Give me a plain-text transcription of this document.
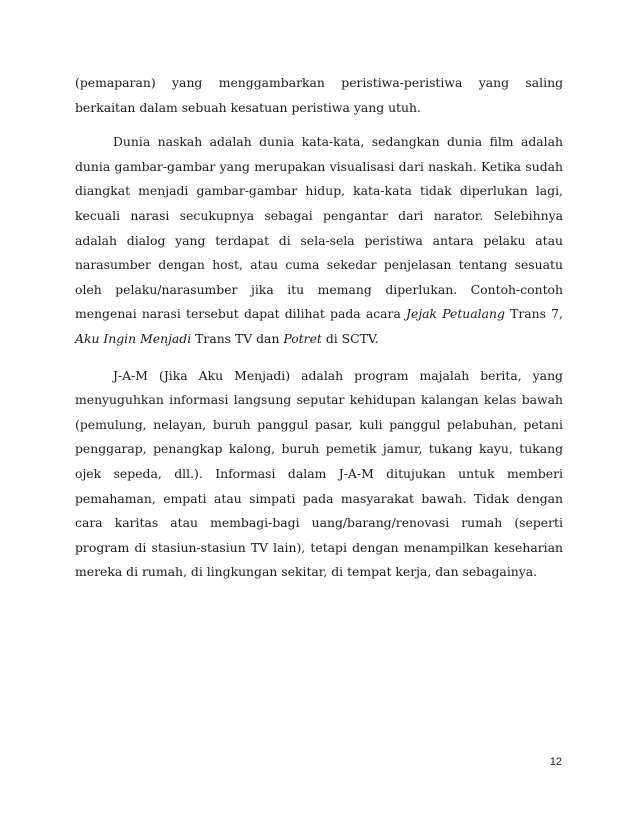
(pemaparan) yang menggambarkan peristiwa-peristiwa yang saling berkaitan dalam sebuah kesatuan peristiwa yang utuh.

Dunia naskah adalah dunia kata-kata, sedangkan dunia film adalah dunia gambar-gambar yang merupakan visualisasi dari naskah. Ketika sudah diangkat menjadi gambar-gambar hidup, kata-kata tidak diperlukan lagi, kecuali narasi secukupnya sebagai pengantar dari narator. Selebihnya adalah dialog yang terdapat di sela-sela peristiwa antara pelaku atau narasumber dengan host, atau cuma sekedar penjelasan tentang sesuatu oleh pelaku/narasumber jika itu memang diperlukan. Contoh-contoh mengenai narasi tersebut dapat dilihat pada acara Jejak Petualang Trans 7, Aku Ingin Menjadi Trans TV dan Potret di SCTV.

J-A-M (Jika Aku Menjadi) adalah program majalah berita, yang menyuguhkan informasi langsung seputar kehidupan kalangan kelas bawah (pemulung, nelayan, buruh panggul pasar, kuli panggul pelabuhan, petani penggarap, penangkap kalong, buruh pemetik jamur, tukang kayu, tukang ojek sepeda, dll.). Informasi dalam J-A-M ditujukan untuk memberi pemahaman, empati atau simpati pada masyarakat bawah. Tidak dengan cara karitas atau membagi-bagi uang/barang/renovasi rumah (seperti program di stasiun-stasiun TV lain), tetapi dengan menampilkan keseharian mereka di rumah, di lingkungan sekitar, di tempat kerja, dan sebagainya.

12
